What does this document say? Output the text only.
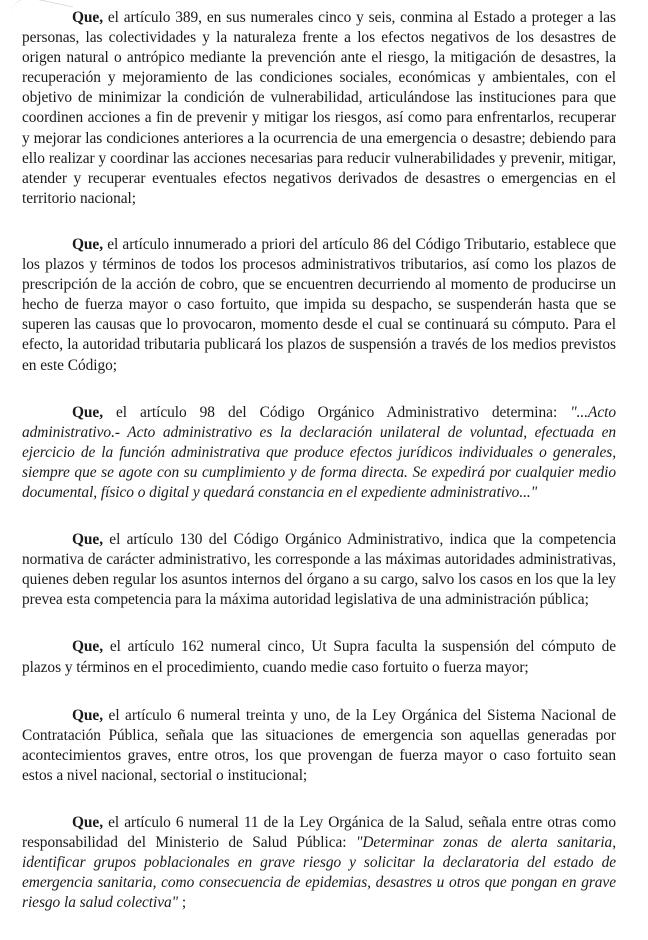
Que, el artículo 389, en sus numerales cinco y seis, conmina al Estado a proteger a las personas, las colectividades y la naturaleza frente a los efectos negativos de los desastres de origen natural o antrópico mediante la prevención ante el riesgo, la mitigación de desastres, la recuperación y mejoramiento de las condiciones sociales, económicas y ambientales, con el objetivo de minimizar la condición de vulnerabilidad, articulándose las instituciones para que coordinen acciones a fin de prevenir y mitigar los riesgos, así como para enfrentarlos, recuperar y mejorar las condiciones anteriores a la ocurrencia de una emergencia o desastre; debiendo para ello realizar y coordinar las acciones necesarias para reducir vulnerabilidades y prevenir, mitigar, atender y recuperar eventuales efectos negativos derivados de desastres o emergencias en el territorio nacional;

Que, el artículo innumerado a priori del artículo 86 del Código Tributario, establece que los plazos y términos de todos los procesos administrativos tributarios, así como los plazos de prescripción de la acción de cobro, que se encuentren decurriendo al momento de producirse un hecho de fuerza mayor o caso fortuito, que impida su despacho, se suspenderán hasta que se superen las causas que lo provocaron, momento desde el cual se continuará su cómputo. Para el efecto, la autoridad tributaria publicará los plazos de suspensión a través de los medios previstos en este Código;

Que, el artículo 98 del Código Orgánico Administrativo determina: "...Acto administrativo.- Acto administrativo es la declaración unilateral de voluntad, efectuada en ejercicio de la función administrativa que produce efectos jurídicos individuales o generales, siempre que se agote con su cumplimiento y de forma directa. Se expedirá por cualquier medio documental, físico o digital y quedará constancia en el expediente administrativo..."

Que, el artículo 130 del Código Orgánico Administrativo, indica que la competencia normativa de carácter administrativo, les corresponde a las máximas autoridades administrativas, quienes deben regular los asuntos internos del órgano a su cargo, salvo los casos en los que la ley prevea esta competencia para la máxima autoridad legislativa de una administración pública;

Que, el artículo 162 numeral cinco, Ut Supra faculta la suspensión del cómputo de plazos y términos en el procedimiento, cuando medie caso fortuito o fuerza mayor;

Que, el artículo 6 numeral treinta y uno, de la Ley Orgánica del Sistema Nacional de Contratación Pública, señala que las situaciones de emergencia son aquellas generadas por acontecimientos graves, entre otros, los que provengan de fuerza mayor o caso fortuito sean estos a nivel nacional, sectorial o institucional;

Que, el artículo 6 numeral 11 de la Ley Orgánica de la Salud, señala entre otras como responsabilidad del Ministerio de Salud Pública: "Determinar zonas de alerta sanitaria, identificar grupos poblacionales en grave riesgo y solicitar la declaratoria del estado de emergencia sanitaria, como consecuencia de epidemias, desastres u otros que pongan en grave riesgo la salud colectiva" ;
